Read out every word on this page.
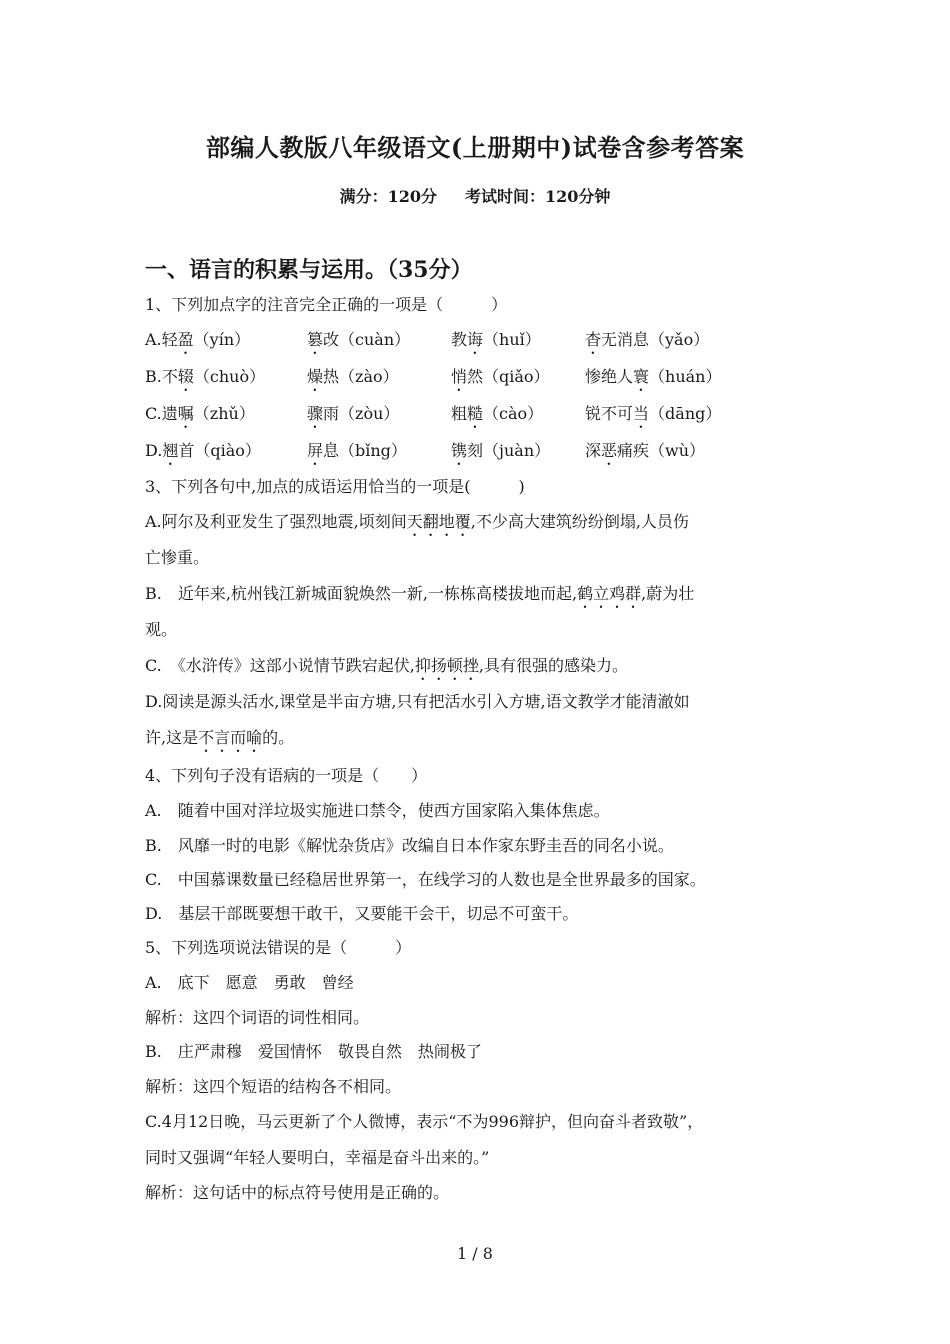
部编人教版八年级语文(上册期中)试卷含参考答案
满分：120分 考试时间：120分钟
一、语言的积累与运用。（35分）
1、下列加点字的注音完全正确的一项是（　　　）
A.轻盈（yín）	篡改（cuàn）	教诲（huǐ）	杳无消息（yǎo）
B.不辍（chuò）	燥热（zào）	悄然（qiǎo） 惨绝人寰（huán）
C.遗嘱（zhǔ）	骤雨（zòu）	粗糙（cào）	锐不可当（dāng）
D.翘首（qiào）	屏息（bǐng）	镌刻（juàn） 深恶痛疾（wù）
3、下列各句中,加点的成语运用恰当的一项是(　　　)
A.阿尔及利亚发生了强烈地震,顷刻间天翻地覆,不少高大建筑纷纷倒塌,人员伤
亡惨重。
B.　近年来,杭州钱江新城面貌焕然一新,一栋栋高楼拔地而起,鹤立鸡群,蔚为壮
观。
C.　《水浒传》这部小说情节跌宕起伏,抑扬顿挫,具有很强的感染力。
D.阅读是源头活水,课堂是半亩方塘,只有把活水引入方塘,语文教学才能清澈如
许,这是不言而喻的。
4、下列句子没有语病的一项是（　　）
A.　随着中国对洋垃圾实施进口禁令，使西方国家陷入集体焦虑。
B.　风靡一时的电影《解忧杂货店》改编自日本作家东野圭吾的同名小说。
C.　中国慕课数量已经稳居世界第一，在线学习的人数也是全世界最多的国家。
D.　基层干部既要想干敢干，又要能干会干，切忌不可蛮干。
5、下列选项说法错误的是（　　　）
A.　底下　愿意　勇敢　曾经
解析：这四个词语的词性相同。
B.　庄严肃穆　爱国情怀　敬畏自然　热闹极了
解析：这四个短语的结构各不相同。
C.4月12日晚，马云更新了个人微博，表示“不为996辩护，但向奋斗者致敬”，
同时又强调“年轻人要明白，幸福是奋斗出来的。”
解析：这句话中的标点符号使用是正确的。
1 / 8
